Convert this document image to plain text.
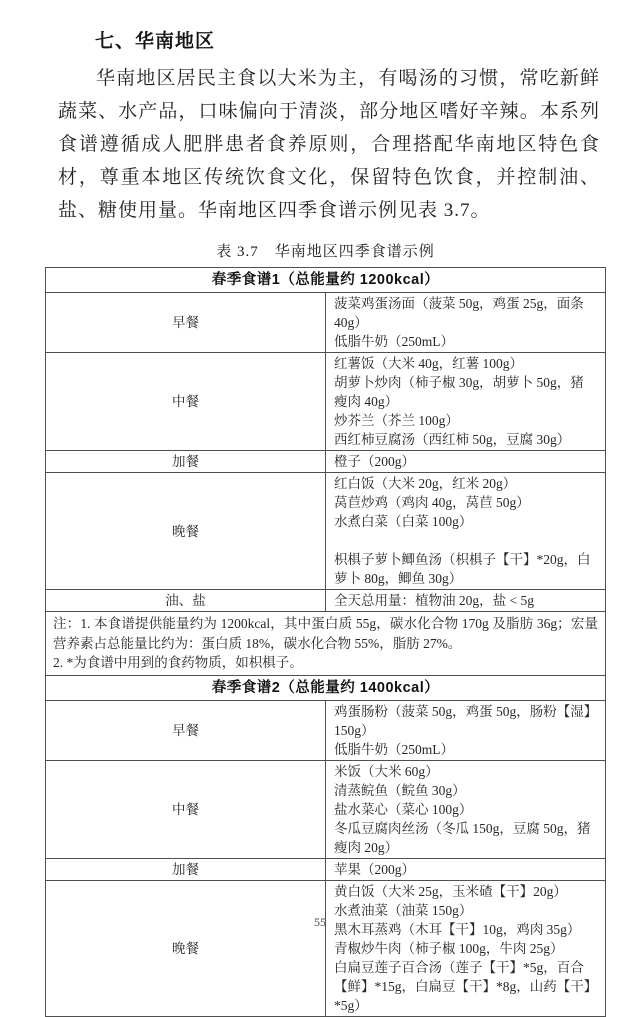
七、华南地区

华南地区居民主食以大米为主，有喝汤的习惯，常吃新鲜蔬菜、水产品，口味偏向于清淡，部分地区嗜好辛辣。本系列食谱遵循成人肥胖患者食养原则，合理搭配华南地区特色食材，尊重本地区传统饮食文化，保留特色饮食，并控制油、盐、糖使用量。华南地区四季食谱示例见表 3.7。

表 3.7　华南地区四季食谱示例
春季食谱1（总能量约 1200kcal）	
早餐	菠菜鸡蛋汤面（菠菜 50g，鸡蛋 25g，面条 40g）
低脂牛奶（250mL）

中餐	红薯饭（大米 40g，红薯 100g）
胡萝卜炒肉（柿子椒 30g，胡萝卜 50g，猪瘦肉 40g）
炒芥兰（芥兰 100g）
西红柿豆腐汤（西红柿 50g，豆腐 30g）

加餐	橙子（200g）

晚餐	红白饭（大米 20g，红米 20g）
莴苣炒鸡（鸡肉 40g，莴苣 50g）
水煮白菜（白菜 100g）
枳椇子萝卜鲫鱼汤（枳椇子【干】*20g，白萝卜 80g，鲫鱼 30g）

油、盐	全天总用量：植物油 20g，盐 < 5g

注：1. 本食谱提供能量约为 1200kcal，其中蛋白质 55g，碳水化合物 170g 及脂肪 36g；宏量营养素占总能量比约为：蛋白质 18%，碳水化合物 55%，脂肪 27%。
2. *为食谱中用到的食药物质，如枳椇子。	

春季食谱2（总能量约 1400kcal）	
早餐	鸡蛋肠粉（菠菜 50g，鸡蛋 50g，肠粉【湿】150g）
低脂牛奶（250mL）

中餐	米饭（大米 60g）
清蒸鲩鱼（鲩鱼 30g）
盐水菜心（菜心 100g）
冬瓜豆腐肉丝汤（冬瓜 150g，豆腐 50g，猪瘦肉 20g）

加餐	苹果（200g）

晚餐	黄白饭（大米 25g，玉米碴【干】20g）
水煮油菜（油菜 150g）
黑木耳蒸鸡（木耳【干】10g，鸡肉 35g）
青椒炒牛肉（柿子椒 100g，牛肉 25g）
白扁豆莲子百合汤（莲子【干】*5g，百合【鲜】*15g，白扁豆【干】*8g，山药【干】*5g）
55
